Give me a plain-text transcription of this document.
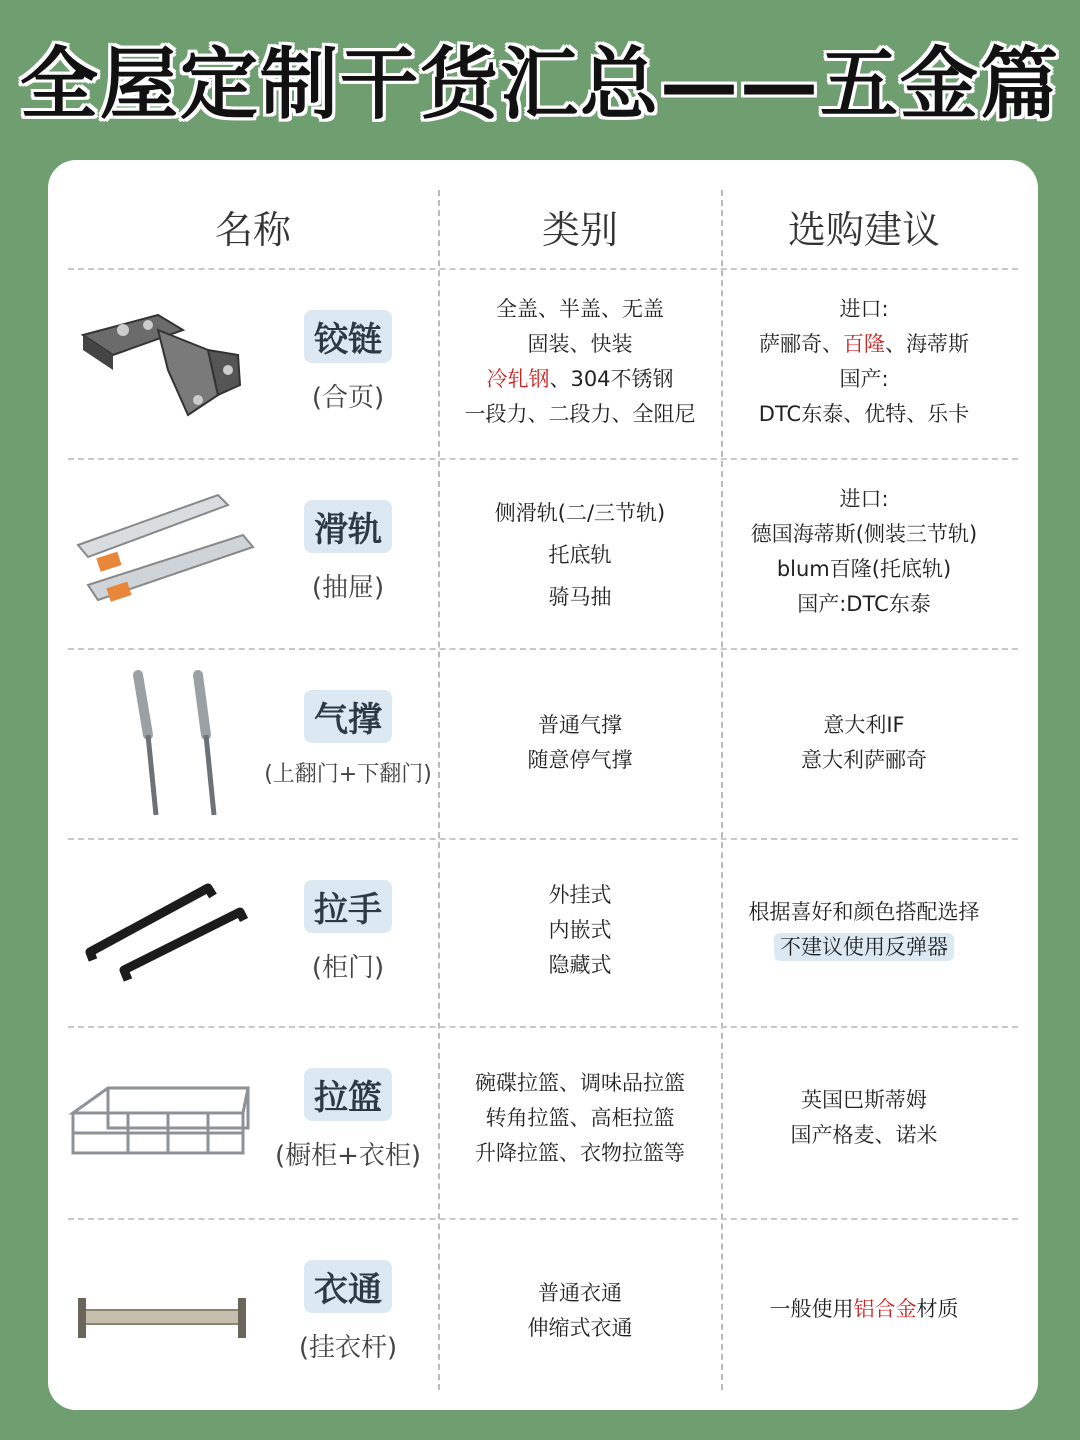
全屋定制干货汇总——五金篇
名称	类别	选购建议
铰链
(合页)
全盖、半盖、无盖
固装、快装
冷轧钢、304不锈钢
一段力、二段力、全阻尼
进口:
萨郦奇、百隆、海蒂斯
国产:
DTC东泰、优特、乐卡
滑轨
(抽屉)
侧滑轨(二/三节轨)
托底轨
骑马抽
进口:
德国海蒂斯(侧装三节轨)
blum百隆(托底轨)
国产:DTC东泰
气撑
(上翻门+下翻门)
普通气撑
随意停气撑
意大利IF
意大利萨郦奇
拉手
(柜门)
外挂式
内嵌式
隐藏式
根据喜好和颜色搭配选择
不建议使用反弹器
拉篮
(橱柜+衣柜)
碗碟拉篮、调味品拉篮
转角拉篮、高柜拉篮
升降拉篮、衣物拉篮等
英国巴斯蒂姆
国产格麦、诺米
衣通
(挂衣杆)
普通衣通
伸缩式衣通
一般使用铝合金材质
